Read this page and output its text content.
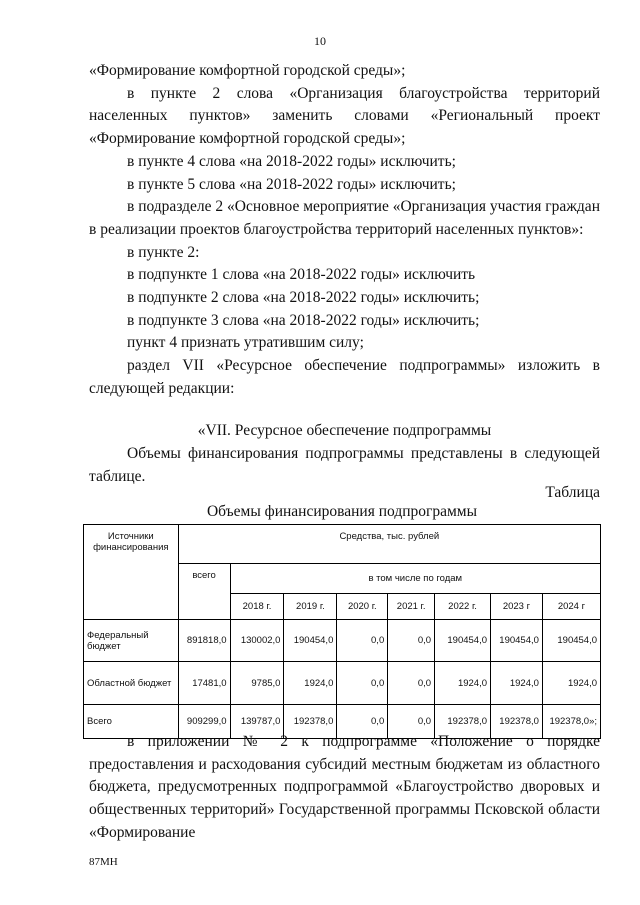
10

«Формирование комфортной городской среды»;

в пункте 2 слова «Организация благоустройства территорий населенных пунктов» заменить словами «Региональный проект «Формирование комфортной городской среды»;

в пункте 4 слова «на 2018-2022 годы» исключить;

в пункте 5 слова «на 2018-2022 годы» исключить;

в подразделе 2 «Основное мероприятие «Организация участия граждан в реализации проектов благоустройства территорий населенных пунктов»:

в пункте 2:

в подпункте 1 слова «на 2018-2022 годы» исключить

в подпункте 2 слова «на 2018-2022 годы» исключить;

в подпункте 3 слова «на 2018-2022 годы» исключить;

пункт 4 признать утратившим силу;

раздел VII «Ресурсное обеспечение подпрограммы» изложить в следующей редакции:

«VII. Ресурсное обеспечение подпрограммы

Объемы финансирования подпрограммы представлены в следующей таблице.

Таблица
Объемы финансирования подпрограммы
Источники финансирования	Средства, тыс. рублей							
	всего	в том числе по годам						
		2018 г.	2019 г.	2020 г.	2021 г.	2022 г.	2023 г	2024 г
Федеральный бюджет	891818,0	130002,0	190454,0	0,0	0,0	190454,0	190454,0	190454,0
Областной бюджет	17481,0	9785,0	1924,0	0,0	0,0	1924,0	1924,0	1924,0
Всего	909299,0	139787,0	192378,0	0,0	0,0	192378,0	192378,0	192378,0»;

в приложении № 2 к подпрограмме «Положение о порядке предоставления и расходования субсидий местным бюджетам из областного бюджета, предусмотренных подпрограммой «Благоустройство дворовых и общественных территорий» Государственной программы Псковской области «Формирование

87МН
